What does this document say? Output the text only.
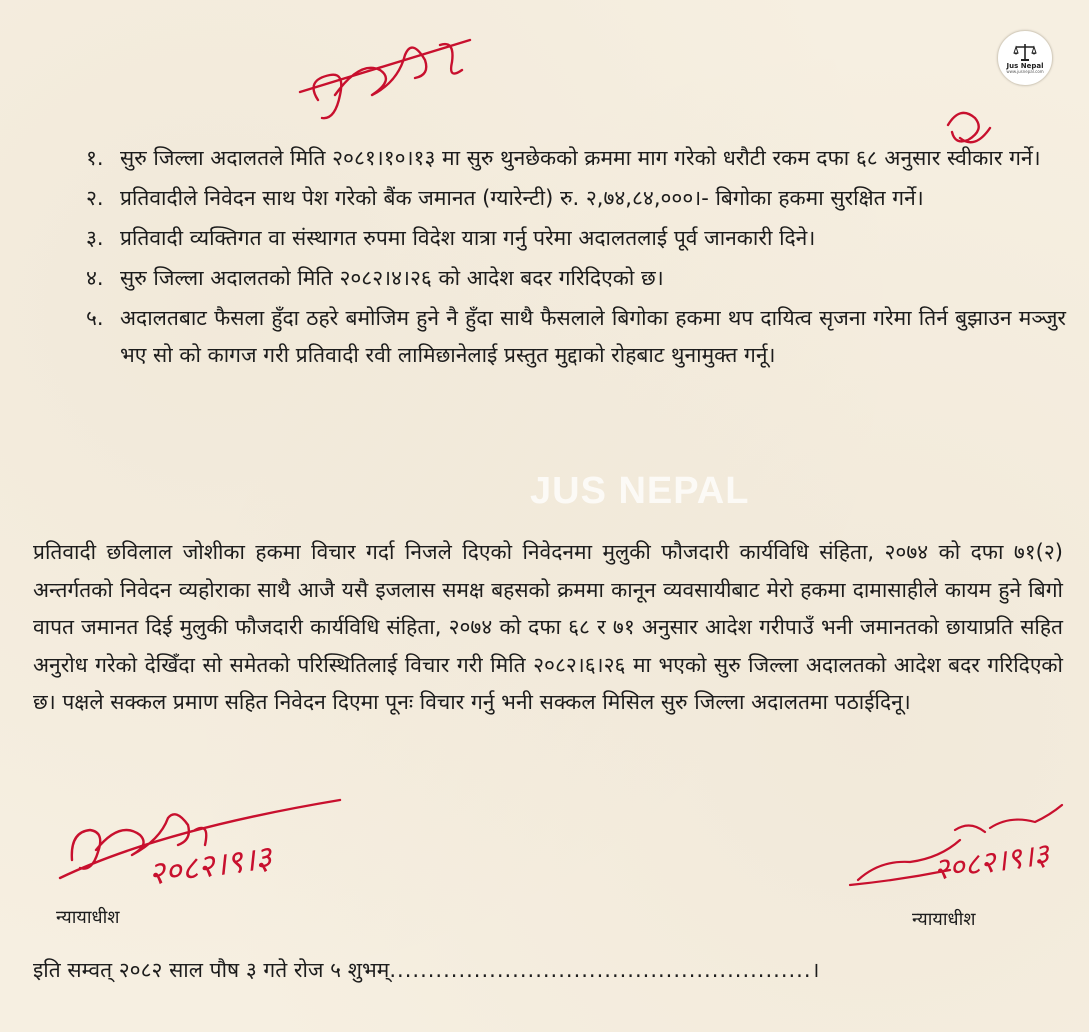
Jus Nepal
www.jusnepal.com
१. सुरु जिल्ला अदालतले मिति २०८१।१०।१३ मा सुरु थुनछेकको क्रममा माग गरेको धरौटी रकम दफा ६८ अनुसार स्वीकार गर्ने।
२. प्रतिवादीले निवेदन साथ पेश गरेको बैंक जमानत (ग्यारेन्टी) रु. २,७४,८४,०००।- बिगोका हकमा सुरक्षित गर्ने।
३. प्रतिवादी व्यक्तिगत वा संस्थागत रुपमा विदेश यात्रा गर्नु परेमा अदालतलाई पूर्व जानकारी दिने।
४. सुरु जिल्ला अदालतको मिति २०८२।४।२६ को आदेश बदर गरिदिएको छ।
५. अदालतबाट फैसला हुँदा ठहरे बमोजिम हुने नै हुँदा साथै फैसलाले बिगोका हकमा थप दायित्व सृजना गरेमा तिर्न बुझाउन मञ्जुर भए सो को कागज गरी प्रतिवादी रवी लामिछानेलाई प्रस्तुत मुद्दाको रोहबाट थुनामुक्त गर्नू।
JUS NEPAL
प्रतिवादी छविलाल जोशीका हकमा विचार गर्दा निजले दिएको निवेदनमा मुलुकी फौजदारी कार्यविधि संहिता, २०७४ को दफा ७१(२) अन्तर्गतको निवेदन व्यहोराका साथै आजै यसै इजलास समक्ष बहसको क्रममा कानून व्यवसायीबाट मेरो हकमा दामासाहीले कायम हुने बिगो वापत जमानत दिई मुलुकी फौजदारी कार्यविधि संहिता, २०७४ को दफा ६८ र ७१ अनुसार आदेश गरीपाउँ भनी जमानतको छायाप्रति सहित अनुरोध गरेको देखिँदा सो समेतको परिस्थितिलाई विचार गरी मिति २०८२।६।२६ मा भएको सुरु जिल्ला अदालतको आदेश बदर गरिदिएको छ। पक्षले सक्कल प्रमाण सहित निवेदन दिएमा पूनः विचार गर्नु भनी सक्कल मिसिल सुरु जिल्ला अदालतमा पठाईदिनू।
२०८२।९।३	२०८२।९।३
न्यायाधीश	न्यायाधीश
इति सम्वत् २०८२ साल पौष ३ गते रोज ५ शुभम्.......................................................।
